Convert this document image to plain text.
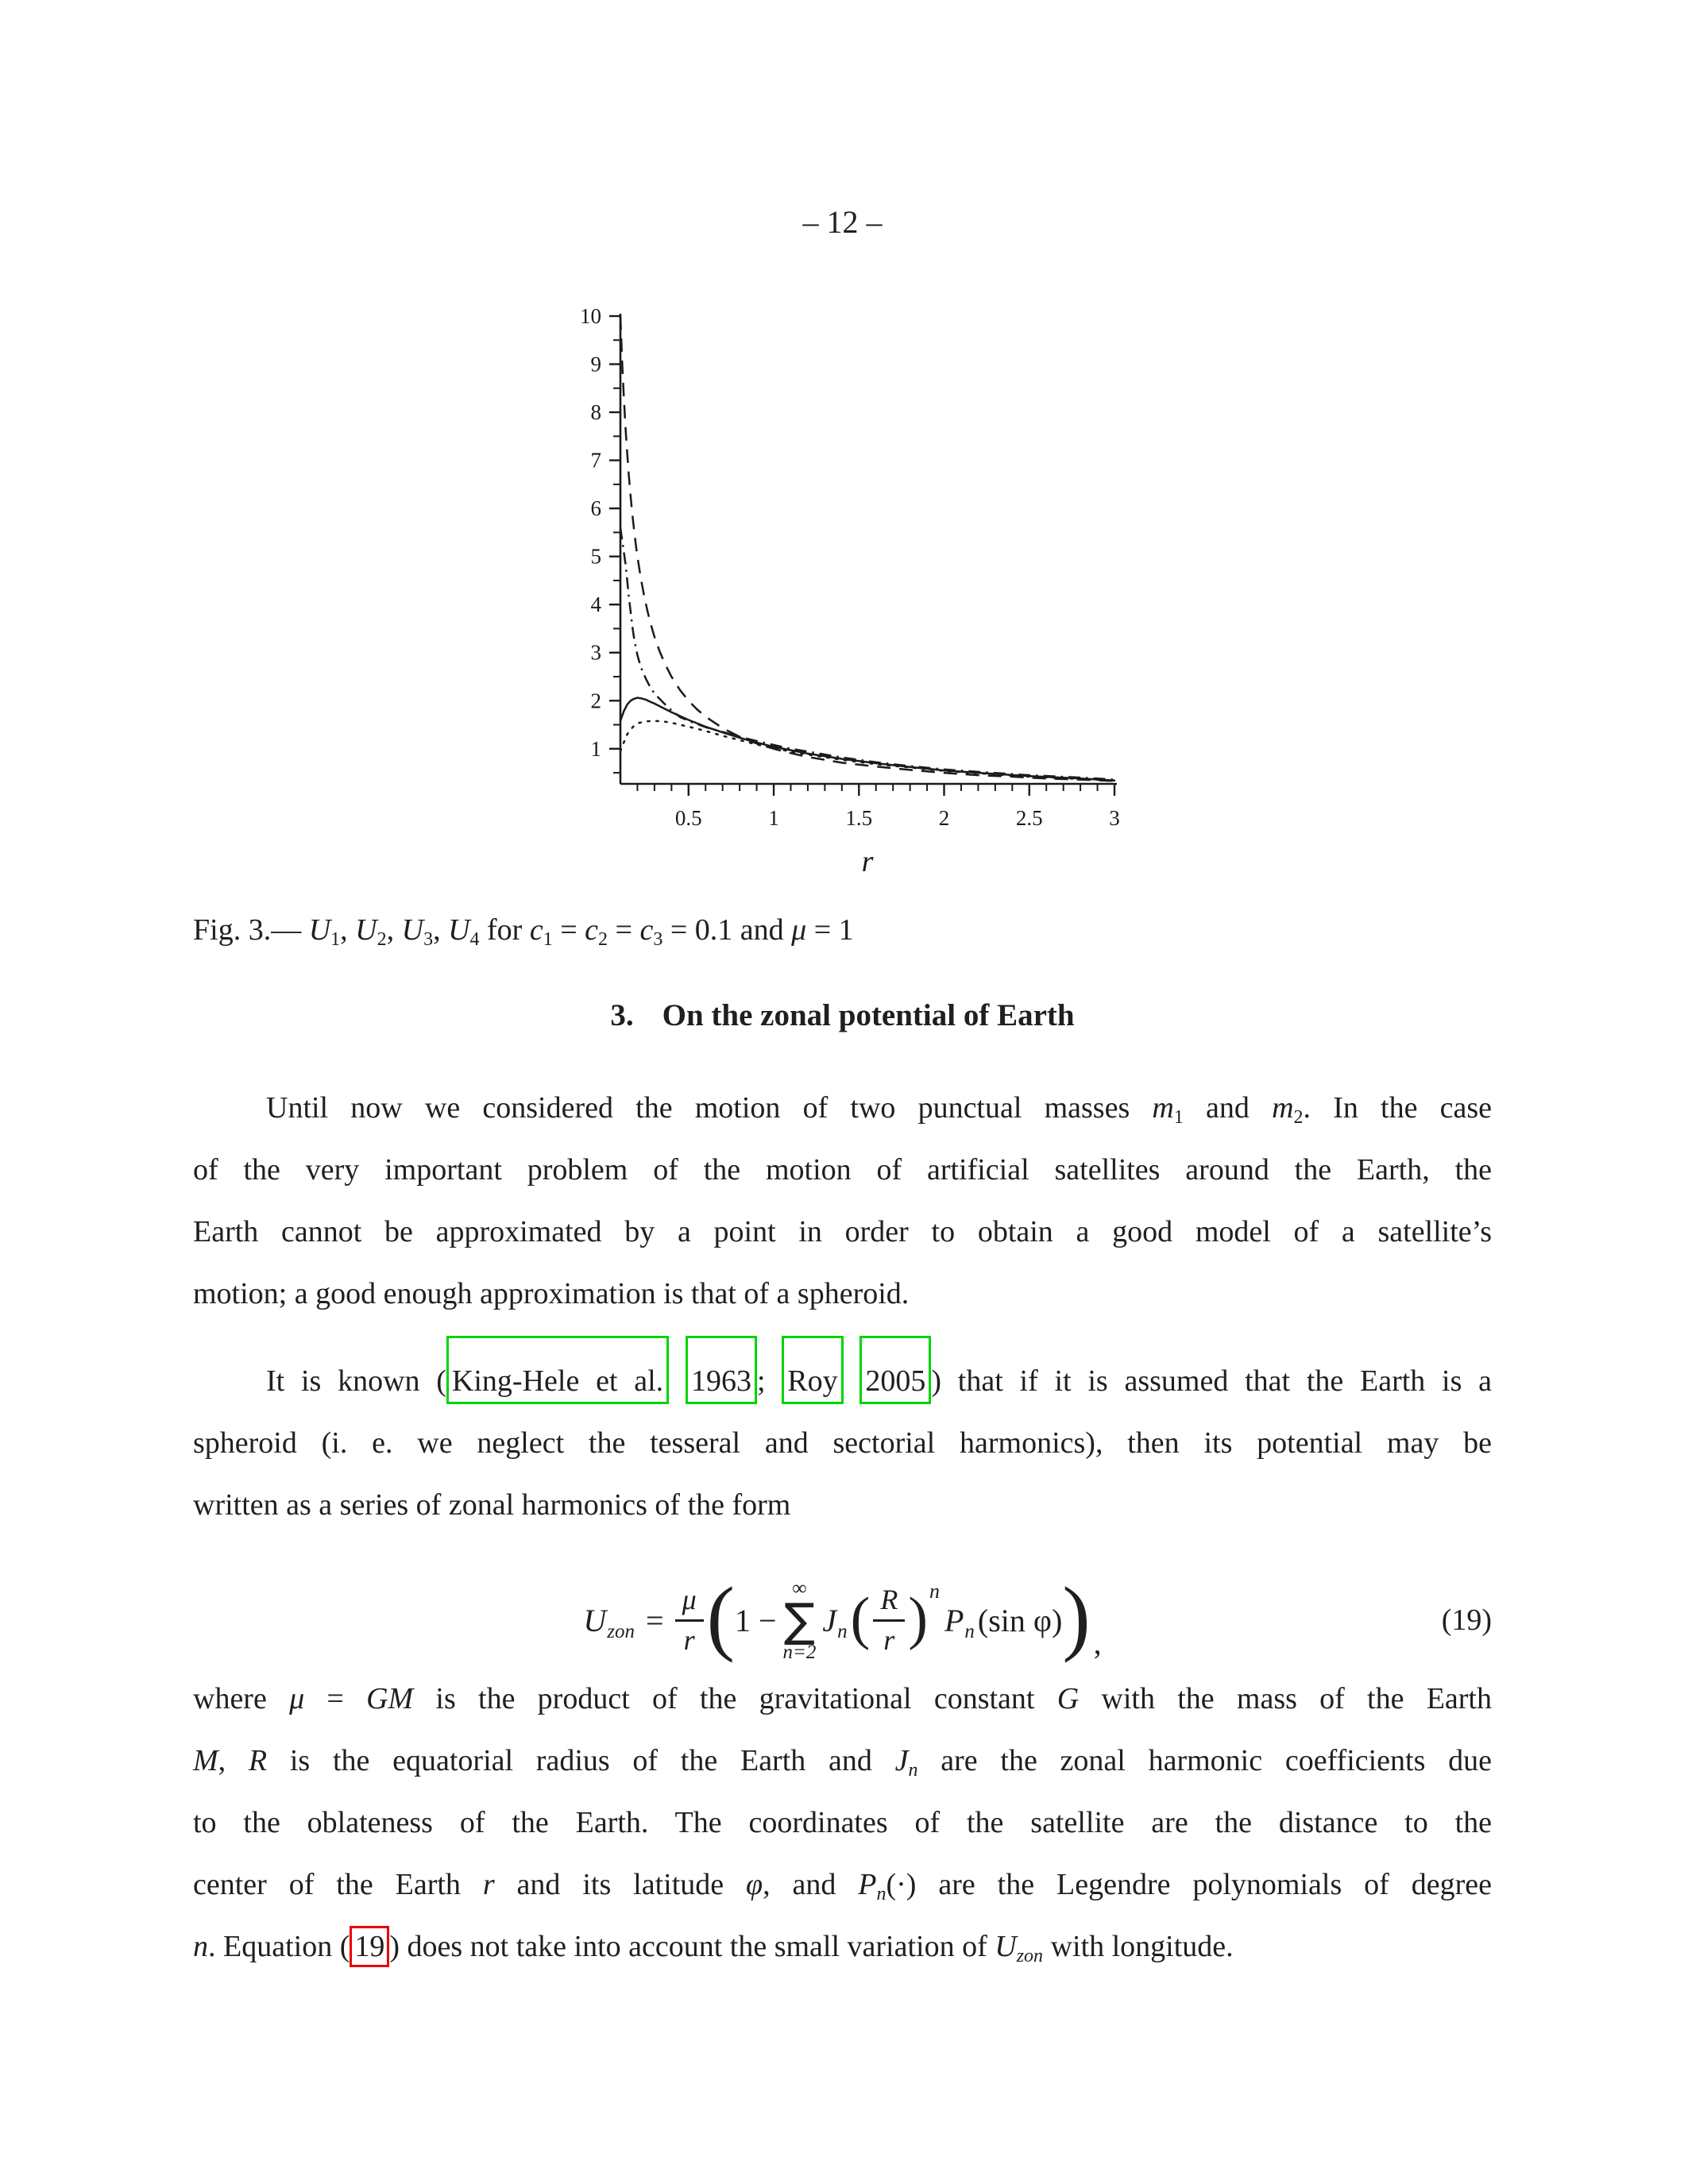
1
2
3
4
5
6
7
8
9
10
0.5	1	1.5	2	2.5	3
r
– 12 –
Fig. 3.— $U_1$, $U_2$, $U_3$, $U_4$ for $c_1 = c_2 = c_3 = 0.1$ and μ = 1
3. On the zonal potential of Earth
Until now we considered the motion of two punctual masses $m_1$ and $m_2$. In the case
of the very important problem of the motion of artificial satellites around the Earth, the
Earth cannot be approximated by a point in order to obtain a good model of a satellite’s
motion; a good enough approximation is that of a spheroid.
It is known ( King-Hele et al. 1963 ; Roy 2005 ) that if it is assumed that the Earth is a
spheroid (i. e. we neglect the tesseral and sectorial harmonics), then its potential may be
written as a series of zonal harmonics of the form
U zon = $\frac{\mu}{r}$ ( 1 −
∞
∑
n=2
J n ( $\frac{R}{r}$ ) n
P n (sin φ) ) ,
(19)
where μ = GM is the product of the gravitational constant G with the mass of the Earth
M, R is the equatorial radius of the Earth and Jn are the zonal harmonic coefficients due
to the oblateness of the Earth. The coordinates of the satellite are the distance to the
center of the Earth r and its latitude φ, and Pn(·) are the Legendre polynomials of degree
n. Equation ( 19 ) does not take into account the small variation of Uzon with longitude.
